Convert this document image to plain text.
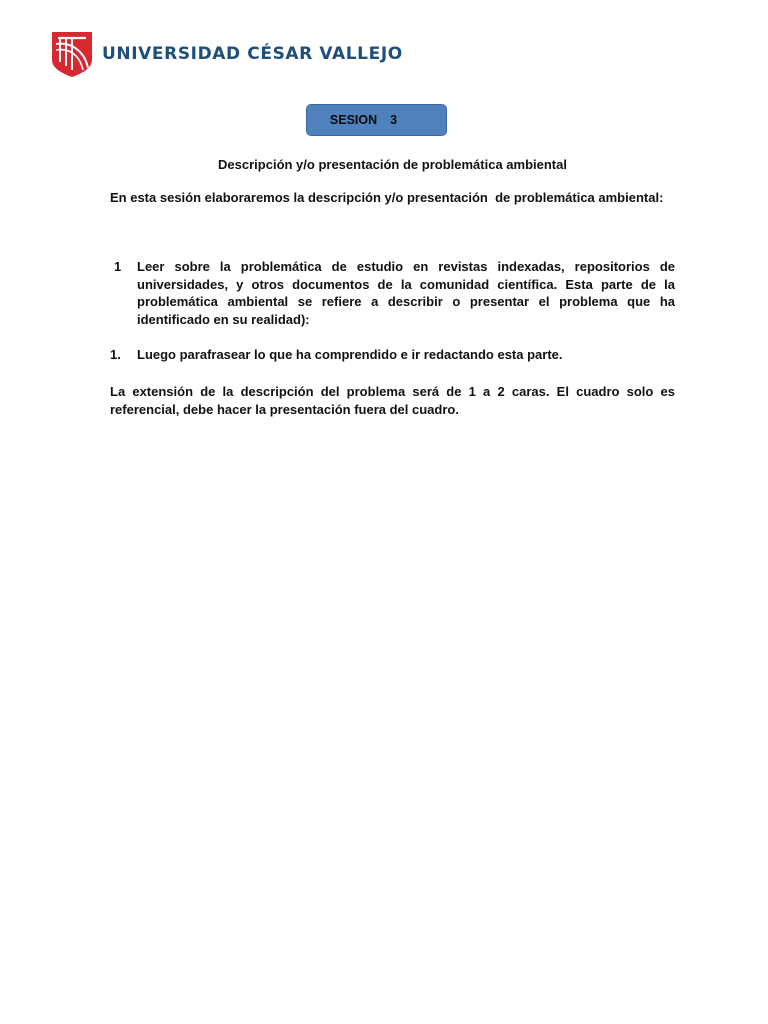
UNIVERSIDAD CÉSAR VALLEJO
SESION  3
Descripción y/o presentación de problemática ambiental
En esta sesión elaboraremos la descripción y/o presentación  de problemática ambiental:
1 Leer sobre la problemática de estudio en revistas indexadas, repositorios de universidades, y otros documentos de la comunidad científica. Esta parte de la problemática ambiental se refiere a describir o presentar el problema que ha identificado en su realidad):
1. Luego parafrasear lo que ha comprendido e ir redactando esta parte.
La extensión de la descripción del problema será de 1 a 2 caras. El cuadro solo es referencial, debe hacer la presentación fuera del cuadro.
